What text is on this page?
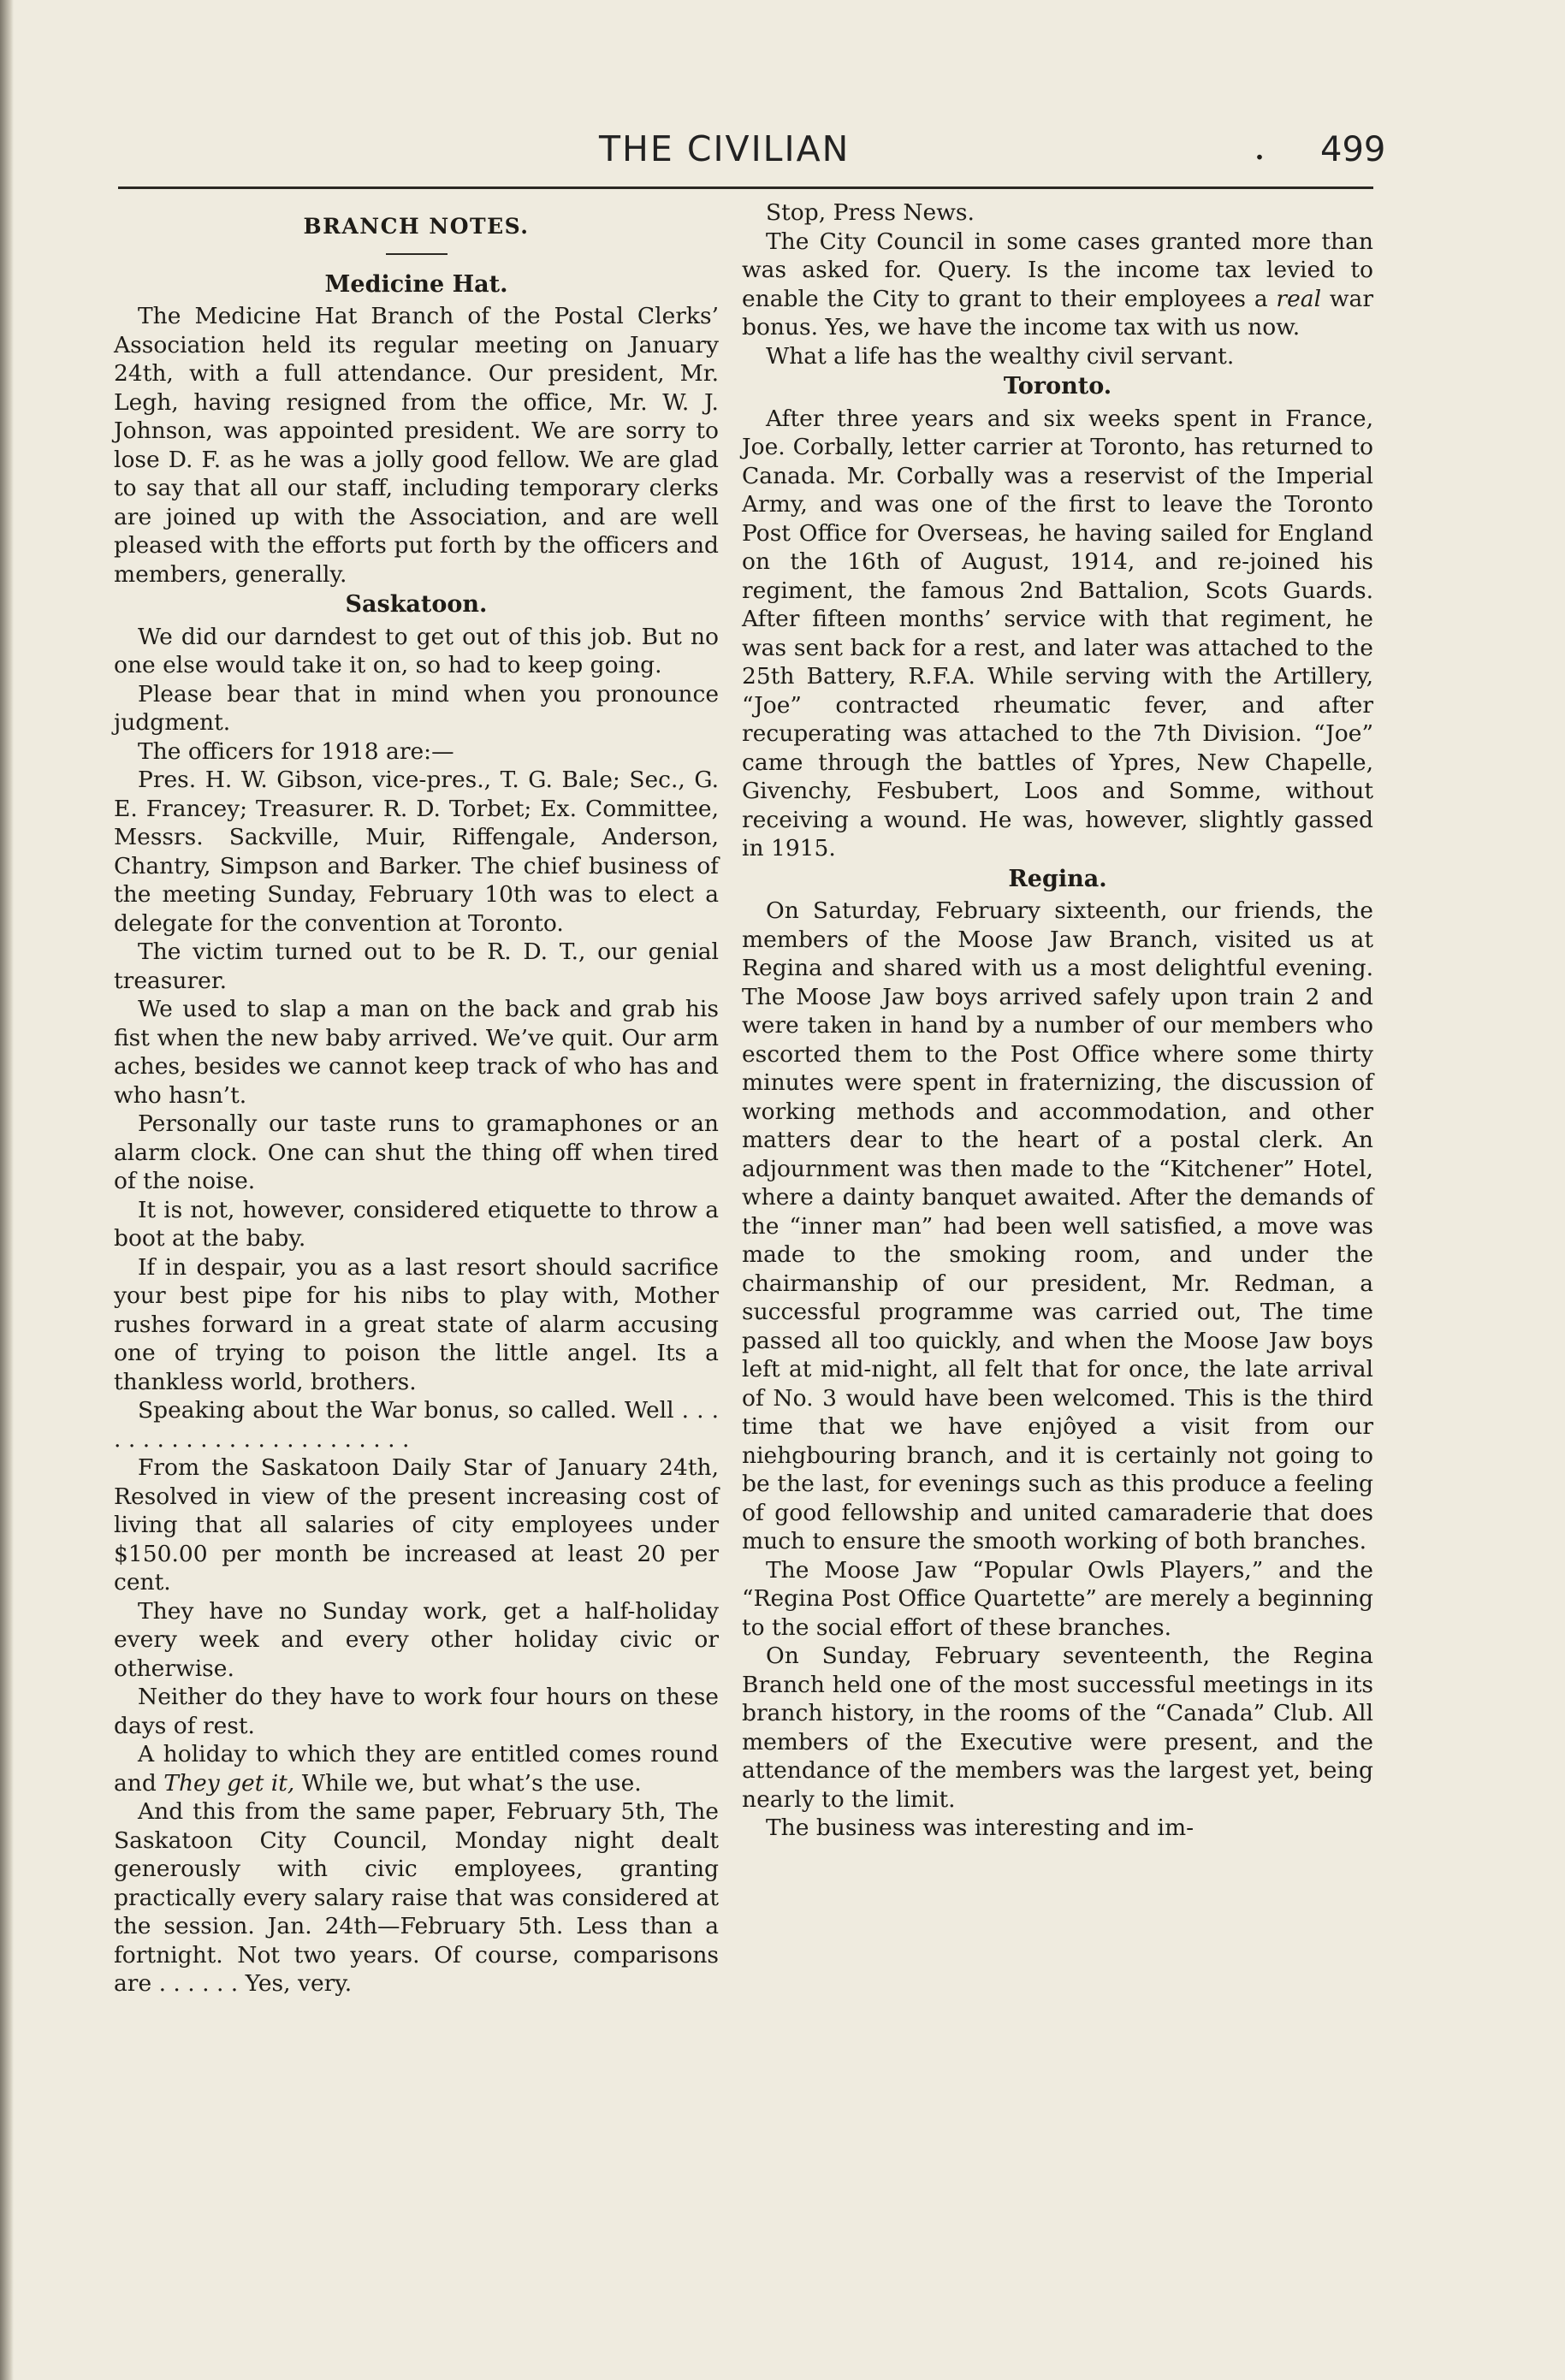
THE CIVILIAN	. 499
BRANCH NOTES.
Medicine Hat.

The Medicine Hat Branch of the Postal Clerks’ Association held its regular meeting on January 24th, with a full attendance. Our president, Mr. Legh, having resigned from the office, Mr. W. J. Johnson, was appointed president. We are sorry to lose D. F. as he was a jolly good fellow. We are glad to say that all our staff, including temporary clerks are joined up with the Association, and are well pleased with the efforts put forth by the officers and members, generally.

Saskatoon.

We did our darndest to get out of this job. But no one else would take it on, so had to keep going.

Please bear that in mind when you pronounce judgment.

The officers for 1918 are:—

Pres. H. W. Gibson, vice-pres., T. G. Bale; Sec., G. E. Francey; Treasurer. R. D. Torbet; Ex. Committee, Messrs. Sackville, Muir, Riffengale, Anderson, Chantry, Simpson and Barker. The chief business of the meeting Sunday, February 10th was to elect a delegate for the convention at Toronto.

The victim turned out to be R. D. T., our genial treasurer.

We used to slap a man on the back and grab his fist when the new baby arrived. We’ve quit. Our arm aches, besides we cannot keep track of who has and who hasn’t.

Personally our taste runs to gramaphones or an alarm clock. One can shut the thing off when tired of the noise.

It is not, however, considered etiquette to throw a boot at the baby.

If in despair, you as a last resort should sacrifice your best pipe for his nibs to play with, Mother rushes forward in a great state of alarm accusing one of trying to poison the little angel. Its a thankless world, brothers.

Speaking about the War bonus, so called. Well . . . . . . . . . . . . . . . . . . . . . . . .

From the Saskatoon Daily Star of January 24th, Resolved in view of the present increasing cost of living that all salaries of city employees under $150.00 per month be increased at least 20 per cent.

They have no Sunday work, get a half-holiday every week and every other holiday civic or otherwise.

Neither do they have to work four hours on these days of rest.

A holiday to which they are entitled comes round and They get it, While we, but what’s the use.

And this from the same paper, February 5th, The Saskatoon City Council, Monday night dealt generously with civic employees, granting practically every salary raise that was considered at the session. Jan. 24th—February 5th. Less than a fortnight. Not two years. Of course, comparisons are . . . . . . Yes, very.

Stop, Press News.

The City Council in some cases granted more than was asked for. Query. Is the income tax levied to enable the City to grant to their employees a real war bonus. Yes, we have the income tax with us now.

What a life has the wealthy civil servant.

Toronto.

After three years and six weeks spent in France, Joe. Corbally, letter carrier at Toronto, has returned to Canada. Mr. Corbally was a reservist of the Imperial Army, and was one of the first to leave the Toronto Post Office for Overseas, he having sailed for England on the 16th of August, 1914, and re-joined his regiment, the famous 2nd Battalion, Scots Guards. After fifteen months’ service with that regiment, he was sent back for a rest, and later was attached to the 25th Battery, R.F.A. While serving with the Artillery, “Joe” contracted rheumatic fever, and after recuperating was attached to the 7th Division. “Joe” came through the battles of Ypres, New Chapelle, Givenchy, Fesbubert, Loos and Somme, without receiving a wound. He was, however, slightly gassed in 1915.

Regina.

On Saturday, February sixteenth, our friends, the members of the Moose Jaw Branch, visited us at Regina and shared with us a most delightful evening. The Moose Jaw boys arrived safely upon train 2 and were taken in hand by a number of our members who escorted them to the Post Office where some thirty minutes were spent in fraternizing, the discussion of working methods and accommodation, and other matters dear to the heart of a postal clerk. An adjournment was then made to the “Kitchener” Hotel, where a dainty banquet awaited. After the demands of the “inner man” had been well satisfied, a move was made to the smoking room, and under the chairmanship of our president, Mr. Redman, a successful programme was carried out, The time passed all too quickly, and when the Moose Jaw boys left at mid-night, all felt that for once, the late arrival of No. 3 would have been welcomed. This is the third time that we have enjôyed a visit from our niehgbouring branch, and it is certainly not going to be the last, for evenings such as this produce a feeling of good fellowship and united camaraderie that does much to ensure the smooth working of both branches.

The Moose Jaw “Popular Owls Players,” and the “Regina Post Office Quartette” are merely a beginning to the social effort of these branches.

On Sunday, February seventeenth, the Regina Branch held one of the most successful meetings in its branch history, in the rooms of the “Canada” Club. All members of the Executive were present, and the attendance of the members was the largest yet, being nearly to the limit.

The business was interesting and im-
